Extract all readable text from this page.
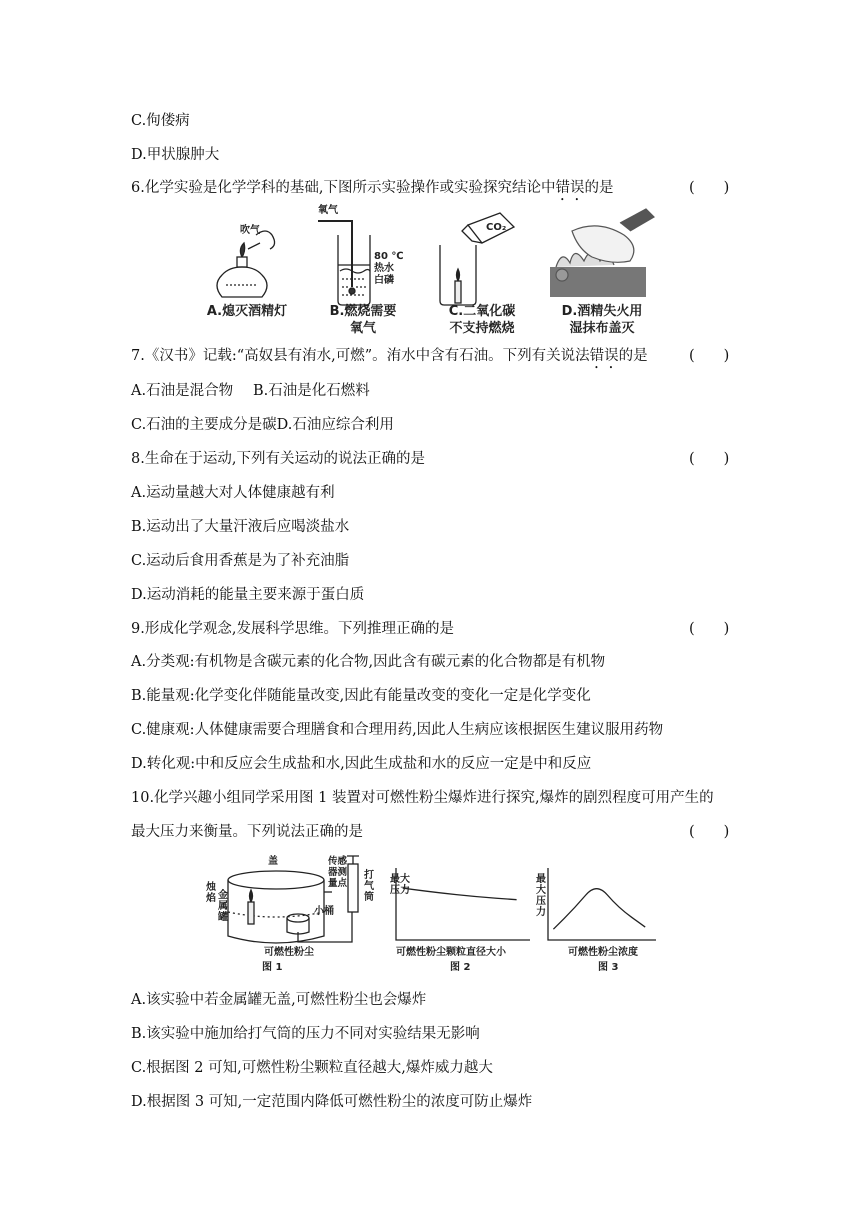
C.佝偻病
D.甲状腺肿大
6.化学实验是化学学科的基础,下图所示实验操作或实验探究结论中错误的是	(　　)
吹气
氧气
80 ℃
热水
白磷
CO₂
A.熄灭酒精灯	B.燃烧需要
氧气
C.二氧化碳
不支持燃烧
D.酒精失火用
湿抹布盖灭
7.《汉书》记载:“高奴县有洧水,可燃”。洧水中含有石油。下列有关说法错误的是	(　　)
A.石油是混合物 B.石油是化石燃料
C.石油的主要成分是碳D.石油应综合利用
8.生命在于运动,下列有关运动的说法正确的是	(　　)
A.运动量越大对人体健康越有利
B.运动出了大量汗液后应喝淡盐水
C.运动后食用香蕉是为了补充油脂
D.运动消耗的能量主要来源于蛋白质
9.形成化学观念,发展科学思维。下列推理正确的是	(　　)
A.分类观:有机物是含碳元素的化合物,因此含有碳元素的化合物都是有机物
B.能量观:化学变化伴随能量改变,因此有能量改变的变化一定是化学变化
C.健康观:人体健康需要合理膳食和合理用药,因此人生病应该根据医生建议服用药物
D.转化观:中和反应会生成盐和水,因此生成盐和水的反应一定是中和反应
10.化学兴趣小组同学采用图 1 装置对可燃性粉尘爆炸进行探究,爆炸的剧烈程度可用产生的
最大压力来衡量。下列说法正确的是	(　　)
盖
烛焰 金属罐
传感器测量点
打气筒
小桶
可燃性粉尘
图 1
最大压力
可燃性粉尘颗粒直径大小
图 2
最大压力
可燃性粉尘浓度
图 3
A.该实验中若金属罐无盖,可燃性粉尘也会爆炸
B.该实验中施加给打气筒的压力不同对实验结果无影响
C.根据图 2 可知,可燃性粉尘颗粒直径越大,爆炸威力越大
D.根据图 3 可知,一定范围内降低可燃性粉尘的浓度可防止爆炸
